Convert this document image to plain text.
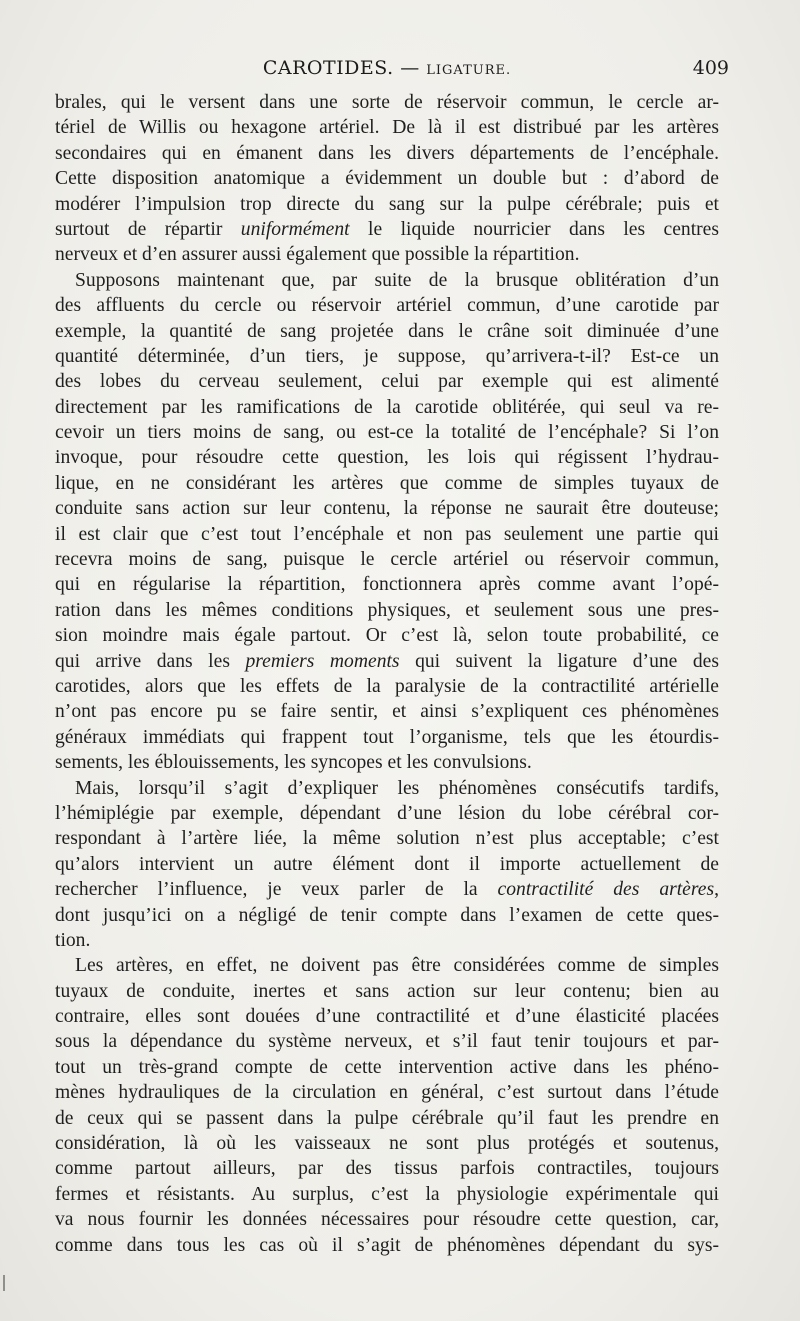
CAROTIDES. — LIGATURE.	409
brales, qui le versent dans une sorte de réservoir commun, le cercle ar-
tériel de Willis ou hexagone artériel. De là il est distribué par les artères
secondaires qui en émanent dans les divers départements de l’encéphale.
Cette disposition anatomique a évidemment un double but : d’abord de
modérer l’impulsion trop directe du sang sur la pulpe cérébrale; puis et
surtout de répartir uniformément le liquide nourricier dans les centres
nerveux et d’en assurer aussi également que possible la répartition.
Supposons maintenant que, par suite de la brusque oblitération d’un
des affluents du cercle ou réservoir artériel commun, d’une carotide par
exemple, la quantité de sang projetée dans le crâne soit diminuée d’une
quantité déterminée, d’un tiers, je suppose, qu’arrivera-t-il? Est-ce un
des lobes du cerveau seulement, celui par exemple qui est alimenté
directement par les ramifications de la carotide oblitérée, qui seul va re-
cevoir un tiers moins de sang, ou est-ce la totalité de l’encéphale? Si l’on
invoque, pour résoudre cette question, les lois qui régissent l’hydrau-
lique, en ne considérant les artères que comme de simples tuyaux de
conduite sans action sur leur contenu, la réponse ne saurait être douteuse;
il est clair que c’est tout l’encéphale et non pas seulement une partie qui
recevra moins de sang, puisque le cercle artériel ou réservoir commun,
qui en régularise la répartition, fonctionnera après comme avant l’opé-
ration dans les mêmes conditions physiques, et seulement sous une pres-
sion moindre mais égale partout. Or c’est là, selon toute probabilité, ce
qui arrive dans les premiers moments qui suivent la ligature d’une des
carotides, alors que les effets de la paralysie de la contractilité artérielle
n’ont pas encore pu se faire sentir, et ainsi s’expliquent ces phénomènes
généraux immédiats qui frappent tout l’organisme, tels que les étourdis-
sements, les éblouissements, les syncopes et les convulsions.
Mais, lorsqu’il s’agit d’expliquer les phénomènes consécutifs tardifs,
l’hémiplégie par exemple, dépendant d’une lésion du lobe cérébral cor-
respondant à l’artère liée, la même solution n’est plus acceptable; c’est
qu’alors intervient un autre élément dont il importe actuellement de
rechercher l’influence, je veux parler de la contractilité des artères,
dont jusqu’ici on a négligé de tenir compte dans l’examen de cette ques-
tion.
Les artères, en effet, ne doivent pas être considérées comme de simples
tuyaux de conduite, inertes et sans action sur leur contenu; bien au
contraire, elles sont douées d’une contractilité et d’une élasticité placées
sous la dépendance du système nerveux, et s’il faut tenir toujours et par-
tout un très-grand compte de cette intervention active dans les phéno-
mènes hydrauliques de la circulation en général, c’est surtout dans l’étude
de ceux qui se passent dans la pulpe cérébrale qu’il faut les prendre en
considération, là où les vaisseaux ne sont plus protégés et soutenus,
comme partout ailleurs, par des tissus parfois contractiles, toujours
fermes et résistants. Au surplus, c’est la physiologie expérimentale qui
va nous fournir les données nécessaires pour résoudre cette question, car,
comme dans tous les cas où il s’agit de phénomènes dépendant du sys-
